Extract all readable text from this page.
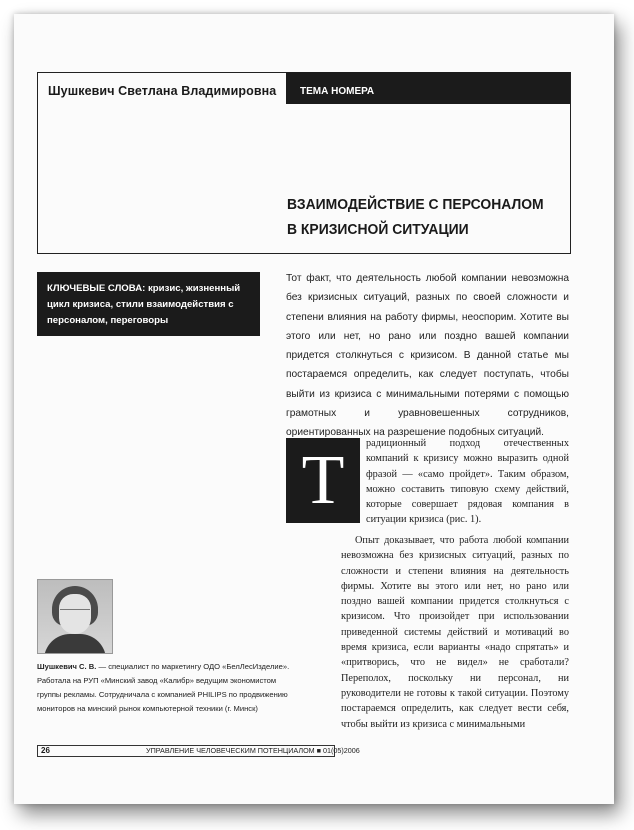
Шушкевич Светлана Владимировна	ТЕМА НОМЕРА
ВЗАИМОДЕЙСТВИЕ С ПЕРСОНАЛОМ
В КРИЗИСНОЙ СИТУАЦИИ
КЛЮЧЕВЫЕ СЛОВА: кризис, жизненный цикл кризиса, стили взаимодействия с персоналом, переговоры
Тот факт, что деятельность любой компании невозможна без кризисных ситуаций, разных по своей сложности и степени влияния на работу фирмы, неоспорим. Хотите вы этого или нет, но рано или поздно вашей компании придется столкнуться с кризисом. В данной статье мы постараемся определить, как следует поступать, чтобы выйти из кризиса с минимальными потерями с помощью грамотных и уравновешенных сотрудников, ориентированных на разрешение подобных ситуаций.
Т	радиционный подход отечественных компаний к кризису можно выразить одной фразой — «само пройдет». Таким образом, можно составить типовую схему действий, которые совершает рядовая компания в ситуации кризиса (рис. 1).

Опыт доказывает, что работа любой компании невозможна без кризисных ситуаций, разных по сложности и степени влияния на деятельность фирмы. Хотите вы этого или нет, но рано или поздно вашей компании придется столкнуться с кризисом. Что произойдет при использовании приведенной системы действий и мотиваций во время кризиса, если варианты «надо спрятать» и «притворись, что не видел» не сработали? Переполох, поскольку ни персонал, ни руководители не готовы к такой ситуации. Поэтому постараемся определить, как следует вести себя, чтобы выйти из кризиса с минимальными

Шушкевич С. В. — специалист по маркетингу ОДО «БелЛесИзделие». Работала на РУП «Минский завод «Калибр» ведущим экономистом группы рекламы. Сотрудничала с компанией PHILIPS по продвижению мониторов на минский рынок компьютерной техники (г. Минск)
26	УПРАВЛЕНИЕ ЧЕЛОВЕЧЕСКИМ ПОТЕНЦИАЛОМ ■ 01(05)2006
